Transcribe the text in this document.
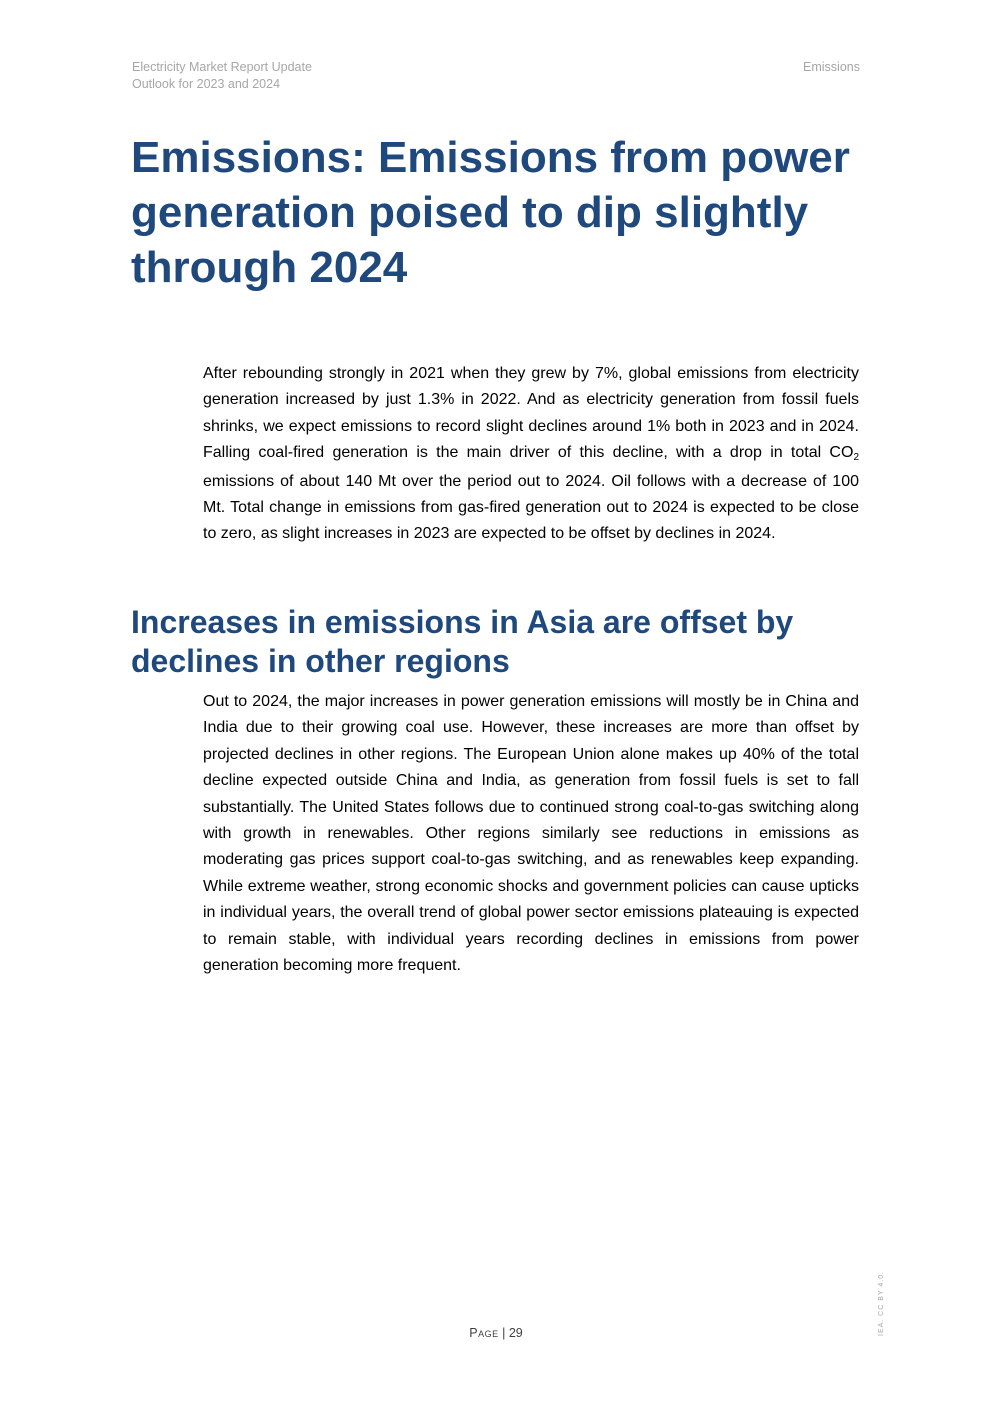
Electricity Market Report Update
Outlook for 2023 and 2024
Emissions
Emissions: Emissions from power generation poised to dip slightly through 2024

After rebounding strongly in 2021 when they grew by 7%, global emissions from electricity generation increased by just 1.3% in 2022. And as electricity generation from fossil fuels shrinks, we expect emissions to record slight declines around 1% both in 2023 and in 2024. Falling coal-fired generation is the main driver of this decline, with a drop in total $CO_2$ emissions of about 140 Mt over the period out to 2024. Oil follows with a decrease of 100 Mt. Total change in emissions from gas-fired generation out to 2024 is expected to be close to zero, as slight increases in 2023 are expected to be offset by declines in 2024.

Increases in emissions in Asia are offset by declines in other regions

Out to 2024, the major increases in power generation emissions will mostly be in China and India due to their growing coal use. However, these increases are more than offset by projected declines in other regions. The European Union alone makes up 40% of the total decline expected outside China and India, as generation from fossil fuels is set to fall substantially. The United States follows due to continued strong coal-to-gas switching along with growth in renewables. Other regions similarly see reductions in emissions as moderating gas prices support coal-to-gas switching, and as renewables keep expanding. While extreme weather, strong economic shocks and government policies can cause upticks in individual years, the overall trend of global power sector emissions plateauing is expected to remain stable, with individual years recording declines in emissions from power generation becoming more frequent.

Page | 29	IEA. CC BY 4.0.
